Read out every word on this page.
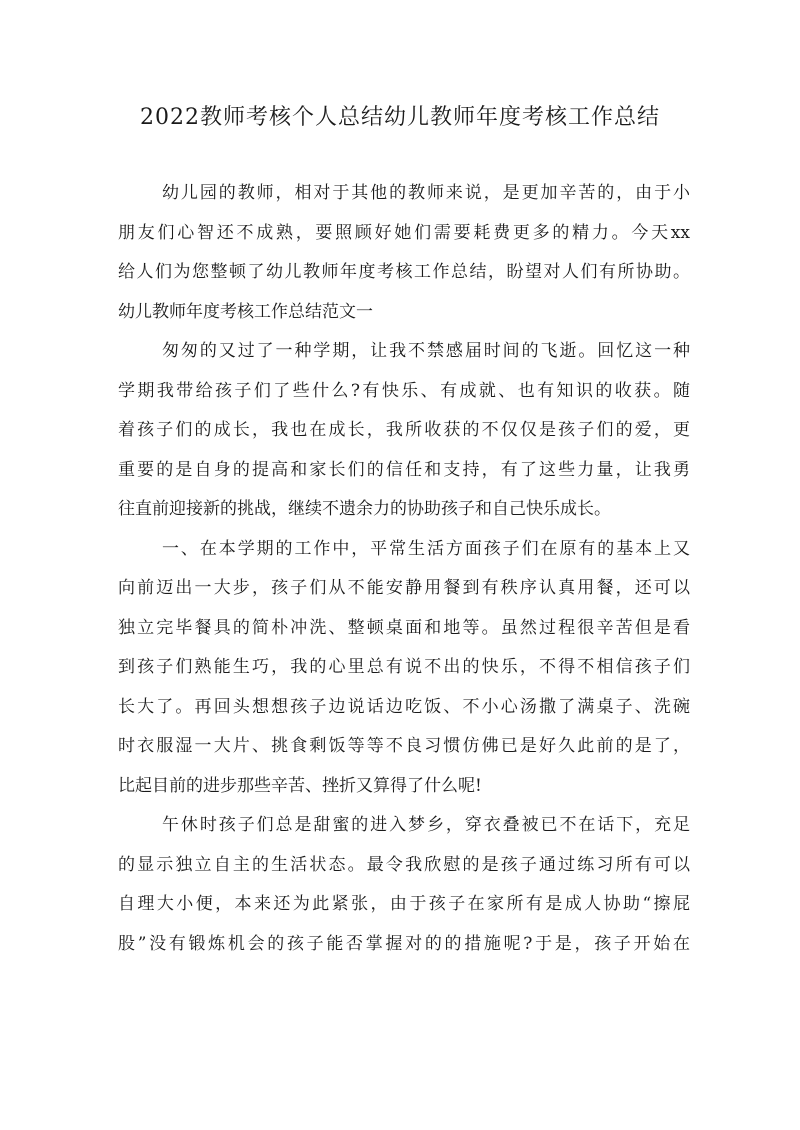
2022教师考核个人总结幼儿教师年度考核工作总结
幼儿园的教师，相对于其他的教师来说，是更加辛苦的，由于小
朋友们心智还不成熟，要照顾好她们需要耗费更多的精力。今天xx
给人们为您整顿了幼儿教师年度考核工作总结，盼望对人们有所协助。
幼儿教师年度考核工作总结范文一
匆匆的又过了一种学期，让我不禁感届时间的飞逝。回忆这一种
学期我带给孩子们了些什么?有快乐、有成就、也有知识的收获。随
着孩子们的成长，我也在成长，我所收获的不仅仅是孩子们的爱，更
重要的是自身的提高和家长们的信任和支持，有了这些力量，让我勇
往直前迎接新的挑战，继续不遗余力的协助孩子和自己快乐成长。
一、在本学期的工作中，平常生活方面孩子们在原有的基本上又
向前迈出一大步，孩子们从不能安静用餐到有秩序认真用餐，还可以
独立完毕餐具的简朴冲洗、整顿桌面和地等。虽然过程很辛苦但是看
到孩子们熟能生巧，我的心里总有说不出的快乐，不得不相信孩子们
长大了。再回头想想孩子边说话边吃饭、不小心汤撒了满桌子、洗碗
时衣服湿一大片、挑食剩饭等等不良习惯仿佛已是好久此前的是了，
比起目前的进步那些辛苦、挫折又算得了什么呢!
午休时孩子们总是甜蜜的进入梦乡，穿衣叠被已不在话下，充足
的显示独立自主的生活状态。最令我欣慰的是孩子通过练习所有可以
自理大小便，本来还为此紧张，由于孩子在家所有是成人协助“擦屁
股”没有锻炼机会的孩子能否掌握对的的措施呢?于是，孩子开始在
